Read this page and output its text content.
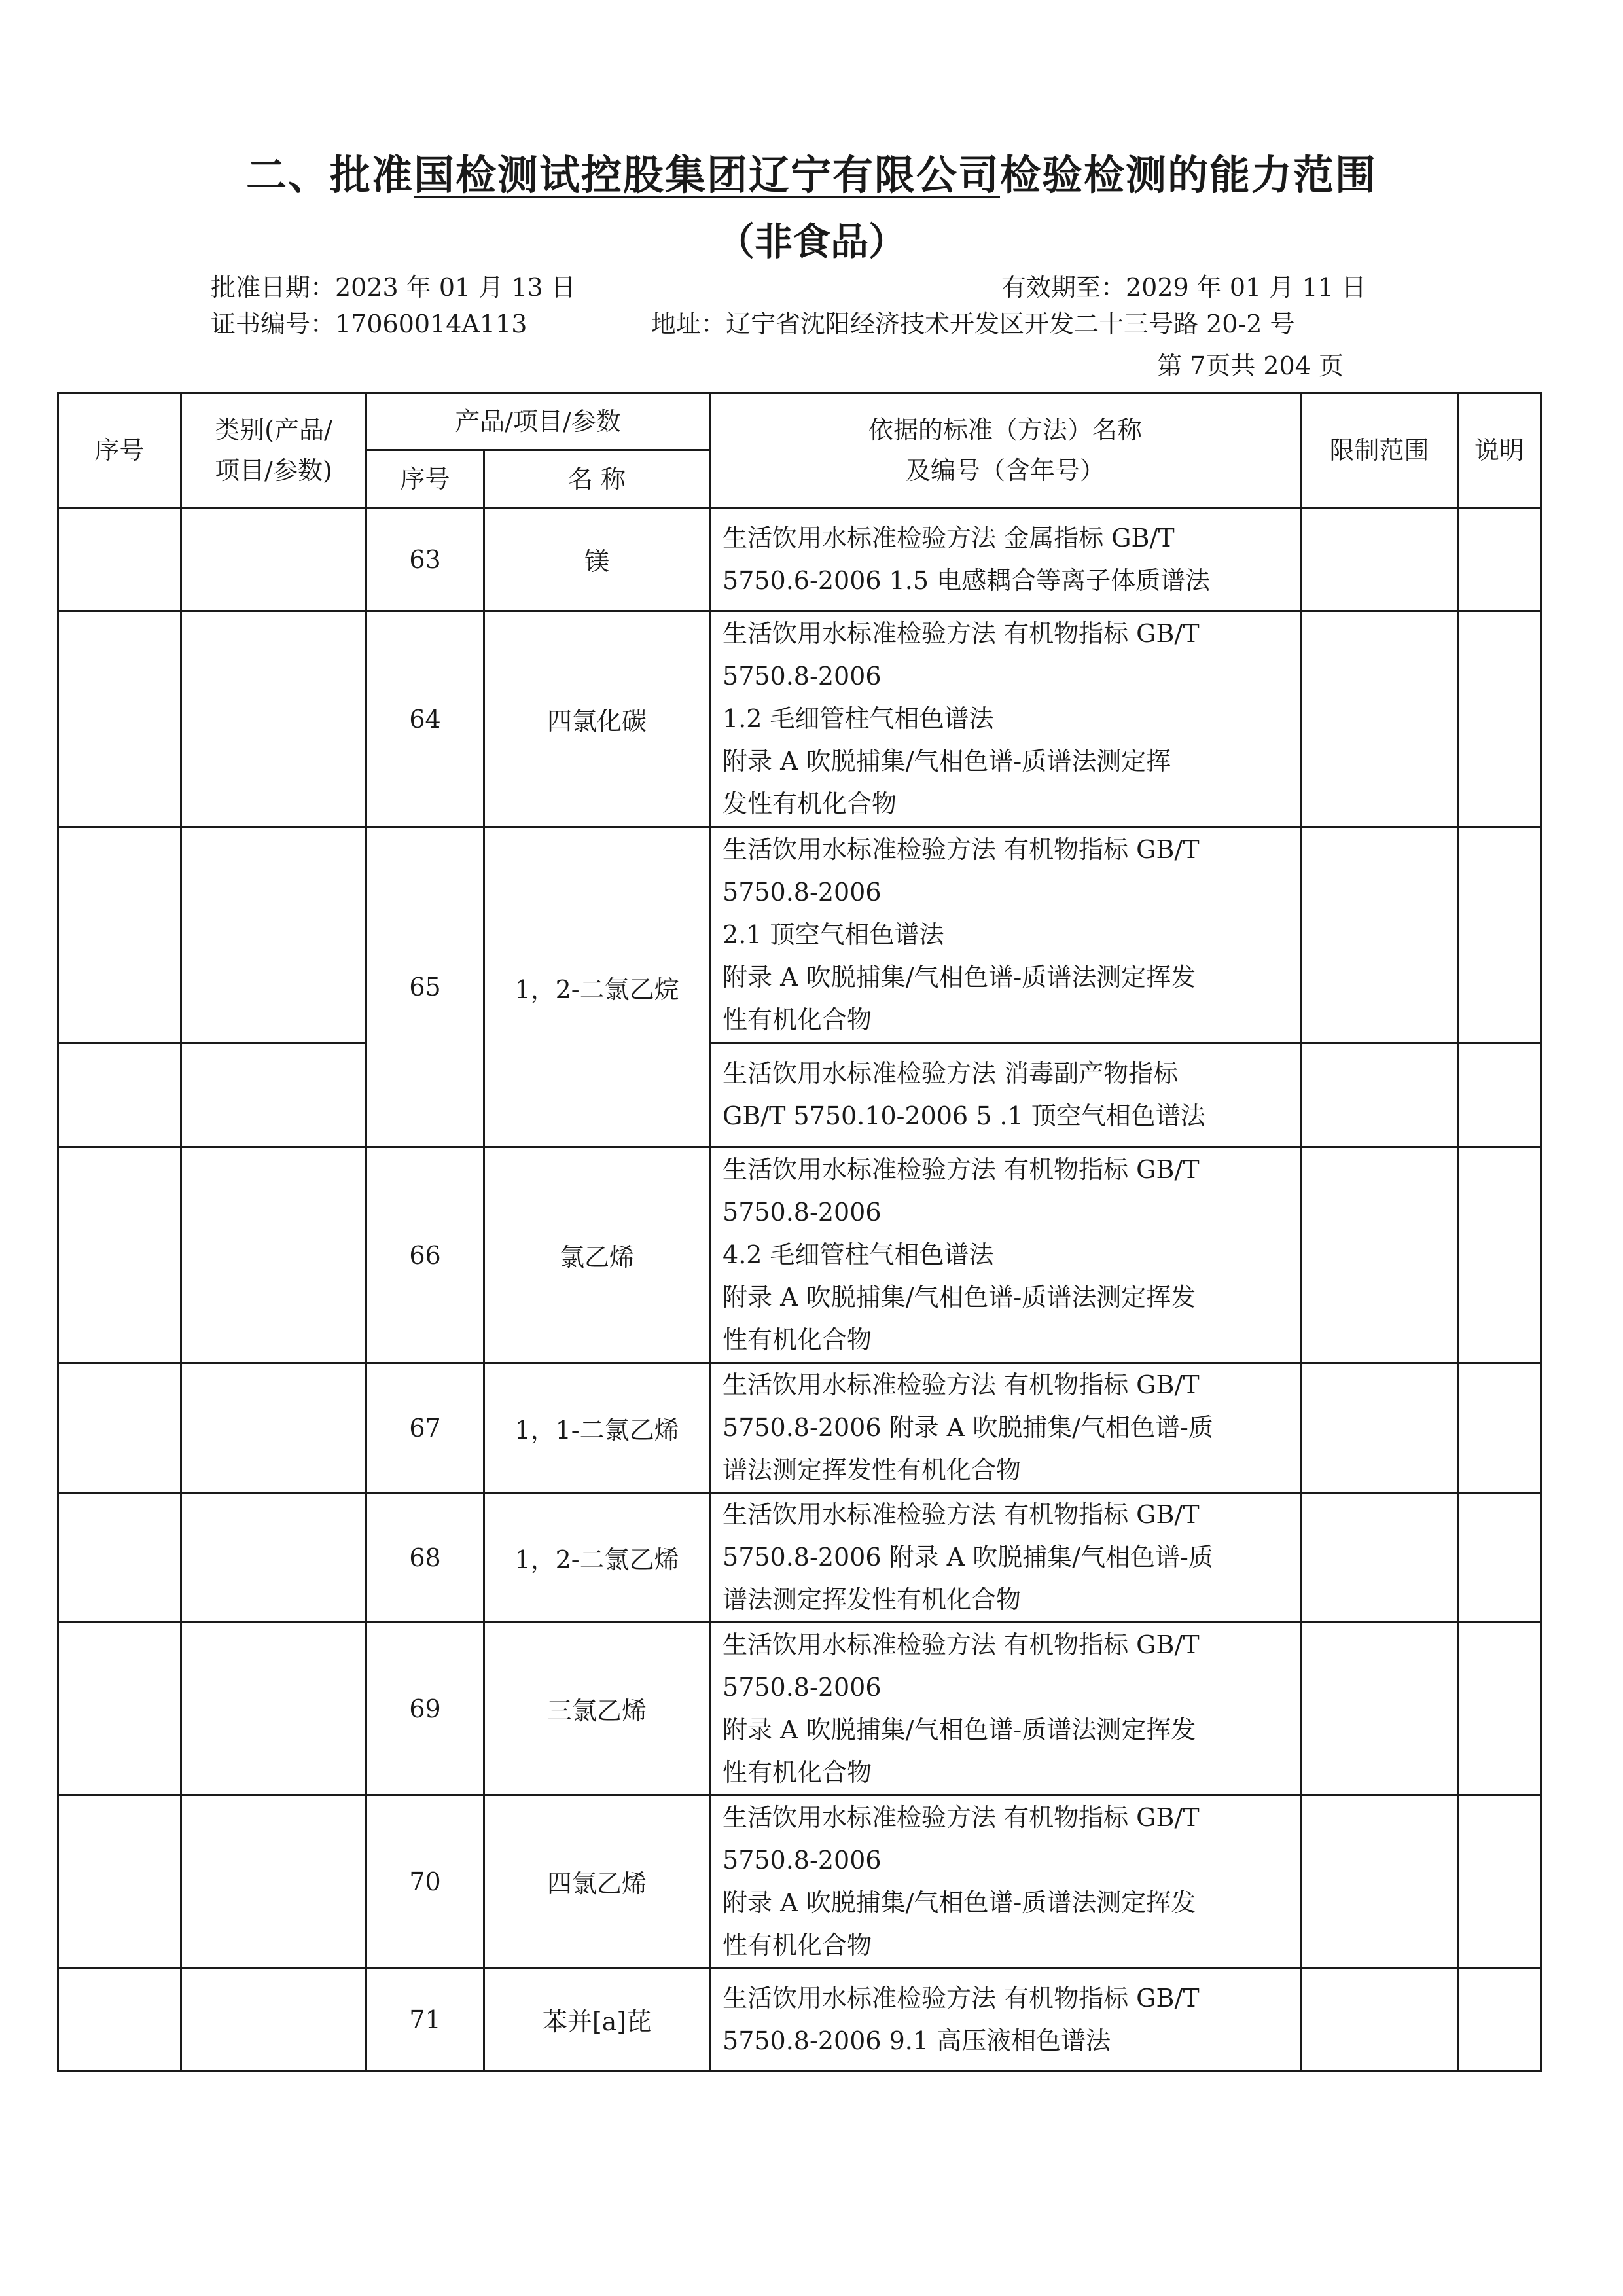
二、批准国检测试控股集团辽宁有限公司检验检测的能力范围
（非食品）
批准日期：2023 年 01 月 13 日	有效期至：2029 年 01 月 11 日
证书编号：17060014A113	地址：辽宁省沈阳经济技术开发区开发二十三号路 20-2 号
第 7页共 204 页
序号	类别(产品/
项目/参数)	产品/项目/参数		依据的标准（方法）名称
及编号（含年号）	限制范围	说明
		序号	名 称			
		63	镁	生活饮用水标准检验方法 金属指标 GB/T
5750.6-2006 1.5 电感耦合等离子体质谱法		

		64	四氯化碳	生活饮用水标准检验方法 有机物指标 GB/T
5750.8-2006
1.2 毛细管柱气相色谱法
附录 A 吹脱捕集/气相色谱-质谱法测定挥
发性有机化合物		

		65	1，2-二氯乙烷	生活饮用水标准检验方法 有机物指标 GB/T
5750.8-2006
2.1 顶空气相色谱法
附录 A 吹脱捕集/气相色谱-质谱法测定挥发
性有机化合物		

				生活饮用水标准检验方法 消毒副产物指标
GB/T 5750.10-2006 5 .1 顶空气相色谱法		

		66	氯乙烯	生活饮用水标准检验方法 有机物指标 GB/T
5750.8-2006
4.2 毛细管柱气相色谱法
附录 A 吹脱捕集/气相色谱-质谱法测定挥发
性有机化合物		

		67	1，1-二氯乙烯	生活饮用水标准检验方法 有机物指标 GB/T
5750.8-2006 附录 A 吹脱捕集/气相色谱-质
谱法测定挥发性有机化合物		

		68	1，2-二氯乙烯	生活饮用水标准检验方法 有机物指标 GB/T
5750.8-2006 附录 A 吹脱捕集/气相色谱-质
谱法测定挥发性有机化合物		

		69	三氯乙烯	生活饮用水标准检验方法 有机物指标 GB/T
5750.8-2006
附录 A 吹脱捕集/气相色谱-质谱法测定挥发
性有机化合物		

		70	四氯乙烯	生活饮用水标准检验方法 有机物指标 GB/T
5750.8-2006
附录 A 吹脱捕集/气相色谱-质谱法测定挥发
性有机化合物		

		71	苯并[a]芘	生活饮用水标准检验方法 有机物指标 GB/T
5750.8-2006 9.1 高压液相色谱法		
